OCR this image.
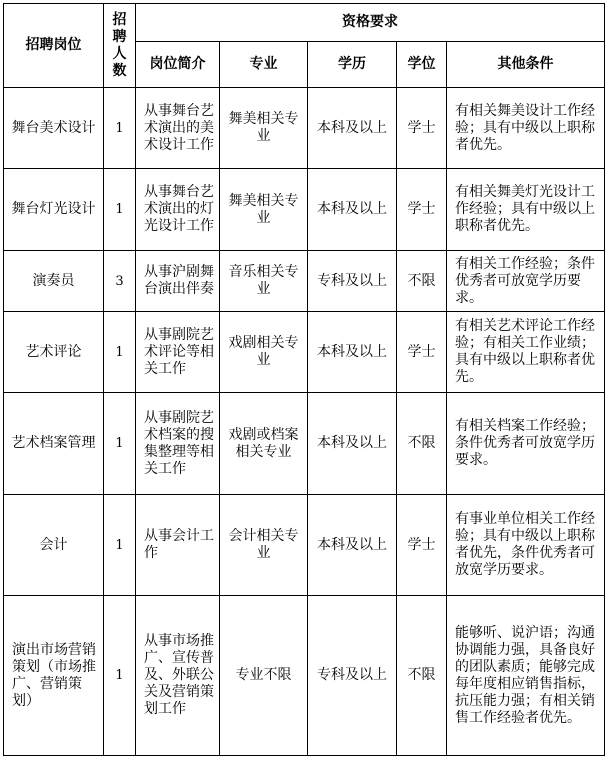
招聘岗位	招聘人数	资格要求				
		岗位简介	专业	学历	学位	其他条件
舞台美术设计	1	从事舞台艺术演出的美术设计工作	舞美相关专业	本科及以上	学士	有相关舞美设计工作经验；具有中级以上职称者优先。
舞台灯光设计	1	从事舞台艺术演出的灯光设计工作	舞美相关专业	本科及以上	学士	有相关舞美灯光设计工作经验；具有中级以上职称者优先。
演奏员	3	从事沪剧舞台演出伴奏	音乐相关专业	专科及以上	不限	有相关工作经验；条件优秀者可放宽学历要求。
艺术评论	1	从事剧院艺术评论等相关工作	戏剧相关专业	本科及以上	学士	有相关艺术评论工作经验；有相关工作业绩；具有中级以上职称者优先。
艺术档案管理	1	从事剧院艺术档案的搜集整理等相关工作	戏剧或档案相关专业	本科及以上	不限	有相关档案工作经验；条件优秀者可放宽学历要求。
会计	1	从事会计工作	会计相关专业	本科及以上	学士	有事业单位相关工作经验；具有中级以上职称者优先，条件优秀者可放宽学历要求。
演出市场营销策划（市场推广、营销策划）	1	从事市场推广、宣传普及、外联公关及营销策划工作	专业不限	专科及以上	不限	能够听、说沪语；沟通协调能力强，具备良好的团队素质；能够完成每年度相应销售指标，抗压能力强；有相关销售工作经验者优先。
